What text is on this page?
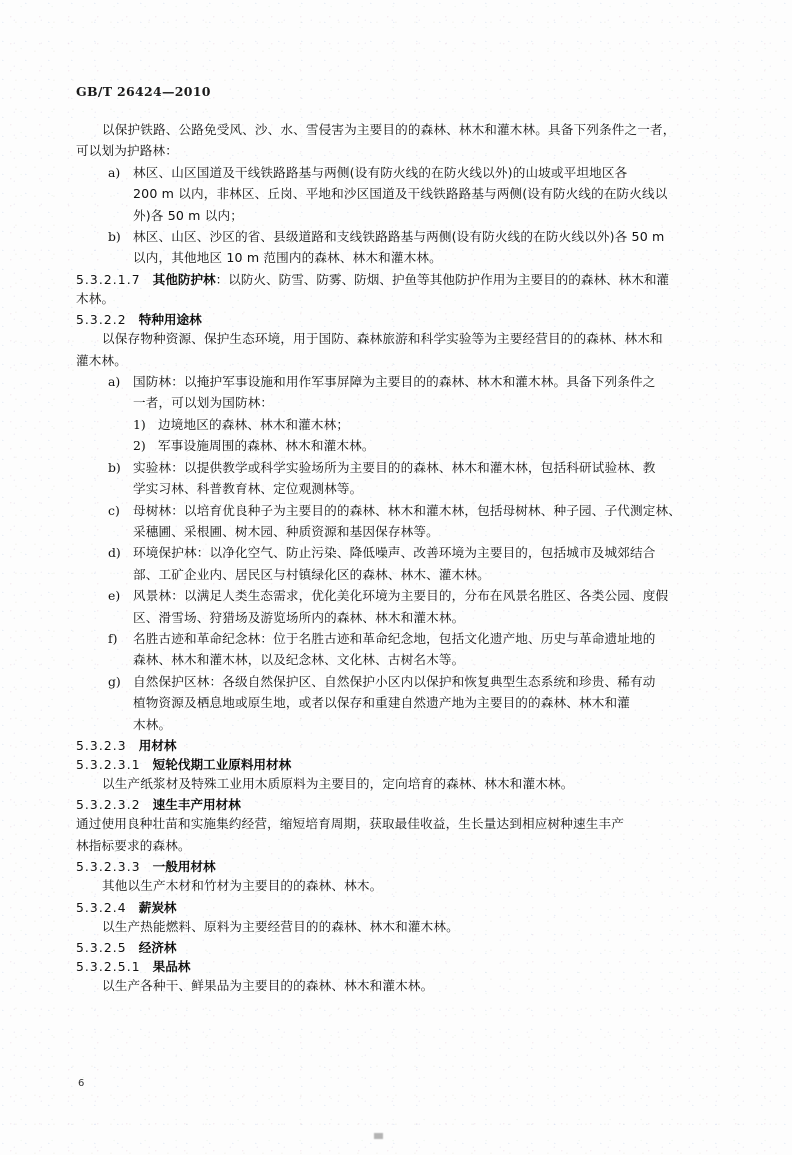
GB/T 26424—2010
以保护铁路、公路免受风、沙、水、雪侵害为主要目的的森林、林木和灌木林。具备下列条件之一者，
可以划为护路林：
a)	林区、山区国道及干线铁路路基与两侧(设有防火线的在防火线以外)的山坡或平坦地区各
200 m 以内，非林区、丘岗、平地和沙区国道及干线铁路路基与两侧(设有防火线的在防火线以
外)各 50 m 以内；
b) 林区、山区、沙区的省、县级道路和支线铁路路基与两侧(设有防火线的在防火线以外)各 50 m
以内，其他地区 10 m 范围内的森林、林木和灌木林。
5.3.2.1.7 其他防护林 ：以防火、防雪、防雾、防烟、护鱼等其他防护作用为主要目的的森林、林木和灌
木林。
5.3.2.2 特种用途林
以保存物种资源、保护生态环境，用于国防、森林旅游和科学实验等为主要经营目的的森林、林木和
灌木林。
a)	国防林：以掩护军事设施和用作军事屏障为主要目的的森林、林木和灌木林。具备下列条件之
一者，可以划为国防林：
1) 边境地区的森林、林木和灌木林；
2) 军事设施周围的森林、林木和灌木林。
b) 实验林：以提供教学或科学实验场所为主要目的的森林、林木和灌木林，包括科研试验林、教
学实习林、科普教育林、定位观测林等。
c)	母树林：以培育优良种子为主要目的的森林、林木和灌木林，包括母树林、种子园、子代测定林、
采穗圃、采根圃、树木园、种质资源和基因保存林等。
d) 环境保护林：以净化空气、防止污染、降低噪声、改善环境为主要目的，包括城市及城郊结合
部、工矿企业内、居民区与村镇绿化区的森林、林木、灌木林。
e)	风景林：以满足人类生态需求，优化美化环境为主要目的，分布在风景名胜区、各类公园、度假
区、滑雪场、狩猎场及游览场所内的森林、林木和灌木林。
f)	名胜古迹和革命纪念林：位于名胜古迹和革命纪念地，包括文化遗产地、历史与革命遗址地的
森林、林木和灌木林，以及纪念林、文化林、古树名木等。
g) 自然保护区林：各级自然保护区、自然保护小区内以保护和恢复典型生态系统和珍贵、稀有动
植物资源及栖息地或原生地，或者以保存和重建自然遗产地为主要目的的森林、林木和灌
木林。
5.3.2.3 用材林
5.3.2.3.1 短轮伐期工业原料用材林
以生产纸浆材及特殊工业用木质原料为主要目的，定向培育的森林、林木和灌木林。
5.3.2.3.2 速生丰产用材林
通过使用良种壮苗和实施集约经营，缩短培育周期，获取最佳收益，生长量达到相应树种速生丰产
林指标要求的森林。
5.3.2.3.3 一般用材林
其他以生产木材和竹材为主要目的的森林、林木。
5.3.2.4 薪炭林
以生产热能燃料、原料为主要经营目的的森林、林木和灌木林。
5.3.2.5 经济林
5.3.2.5.1 果品林
以生产各种干、鲜果品为主要目的的森林、林木和灌木林。
6
